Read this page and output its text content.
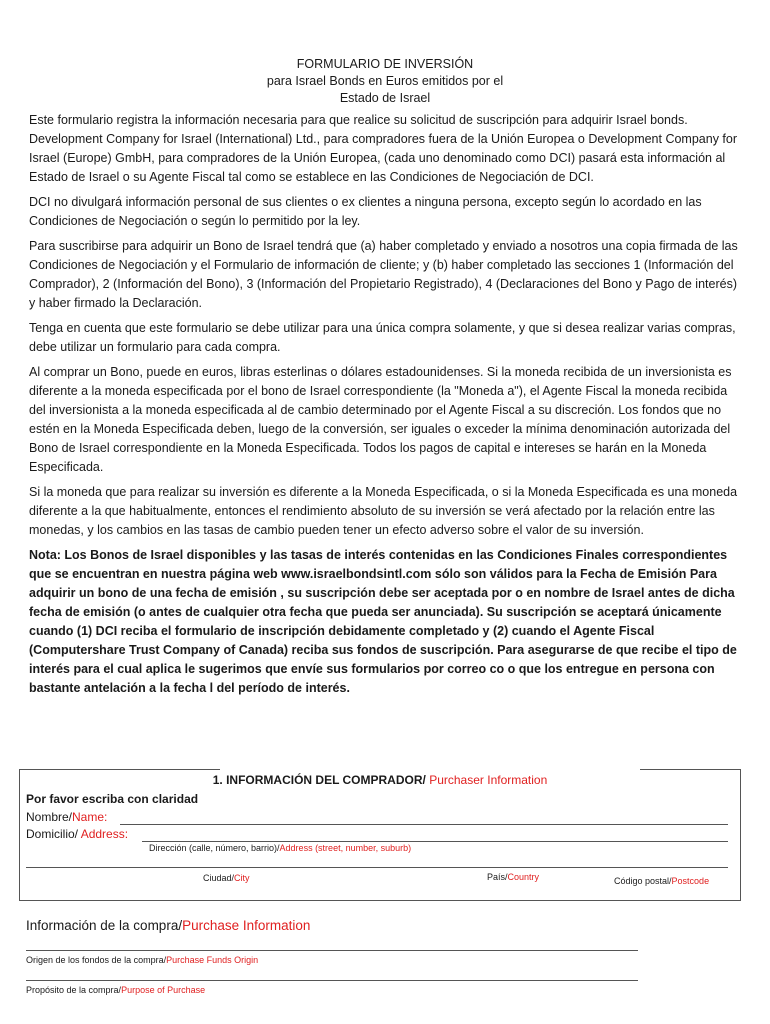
FORMULARIO DE INVERSIÓN
para Israel Bonds en Euros emitidos por el
Estado de Israel

Este formulario registra la información necesaria para que realice su solicitud de suscripción para adquirir Israel bonds. Development Company for Israel (International) Ltd., para compradores fuera de la Unión Europea o Development Company for Israel (Europe) GmbH, para compradores de la Unión Europea, (cada uno denominado como DCI) pasará esta información al Estado de Israel o su Agente Fiscal tal como se establece en las Condiciones de Negociación de DCI.

DCI no divulgará información personal de sus clientes o ex clientes a ninguna persona, excepto según lo acordado en las Condiciones de Negociación o según lo permitido por la ley.

Para suscribirse para adquirir un Bono de Israel tendrá que (a) haber completado y enviado a nosotros una copia firmada de las Condiciones de Negociación y el Formulario de información de cliente; y (b) haber completado las secciones 1 (Información del Comprador), 2 (Información del Bono), 3 (Información del Propietario Registrado), 4 (Declaraciones del Bono y Pago de interés) y haber firmado la Declaración.

Tenga en cuenta que este formulario se debe utilizar para una única compra solamente, y que si desea realizar varias compras, debe utilizar un formulario para cada compra.

Al comprar un Bono, puede en euros, libras esterlinas o dólares estadounidenses. Si la moneda recibida de un inversionista es diferente a la moneda especificada por el bono de Israel correspondiente (la "Moneda a"), el Agente Fiscal la moneda recibida del inversionista a la moneda especificada al de cambio determinado por el Agente Fiscal a su discreción. Los fondos que no estén en la Moneda Especificada deben, luego de la conversión, ser iguales o exceder la mínima denominación autorizada del Bono de Israel correspondiente en la Moneda Especificada. Todos los pagos de capital e intereses se harán en la Moneda Especificada.

Si la moneda que para realizar su inversión es diferente a la Moneda Especificada, o si la Moneda Especificada es una moneda diferente a la que habitualmente, entonces el rendimiento absoluto de su inversión se verá afectado por la relación entre las monedas, y los cambios en las tasas de cambio pueden tener un efecto adverso sobre el valor de su inversión.

Nota: Los Bonos de Israel disponibles y las tasas de interés contenidas en las Condiciones Finales correspondientes que se encuentran en nuestra página web www.israelbondsintl.com sólo son válidos para la Fecha de Emisión Para adquirir un bono de una fecha de emisión , su suscripción debe ser aceptada por o en nombre de Israel antes de dicha fecha de emisión (o antes de cualquier otra fecha que pueda ser anunciada). Su suscripción se aceptará únicamente cuando (1) DCI reciba el formulario de inscripción debidamente completado y (2) cuando el Agente Fiscal (Computershare Trust Company of Canada) reciba sus fondos de suscripción. Para asegurarse de que recibe el tipo de interés para el cual aplica le sugerimos que envíe sus formularios por correo co o que los entregue en persona con bastante antelación a la fecha l del período de interés.

1. INFORMACIÓN DEL COMPRADOR/ Purchaser Information
Por favor escriba con claridad
Nombre/Name:
Domicilio/ Address:
Dirección (calle, número, barrio)/Address (street, number, suburb)
Ciudad/City	País/Country	Código postal/Postcode
Información de la compra/Purchase Information
Origen de los fondos de la compra/Purchase Funds Origin
Propósito de la compra/Purpose of Purchase
